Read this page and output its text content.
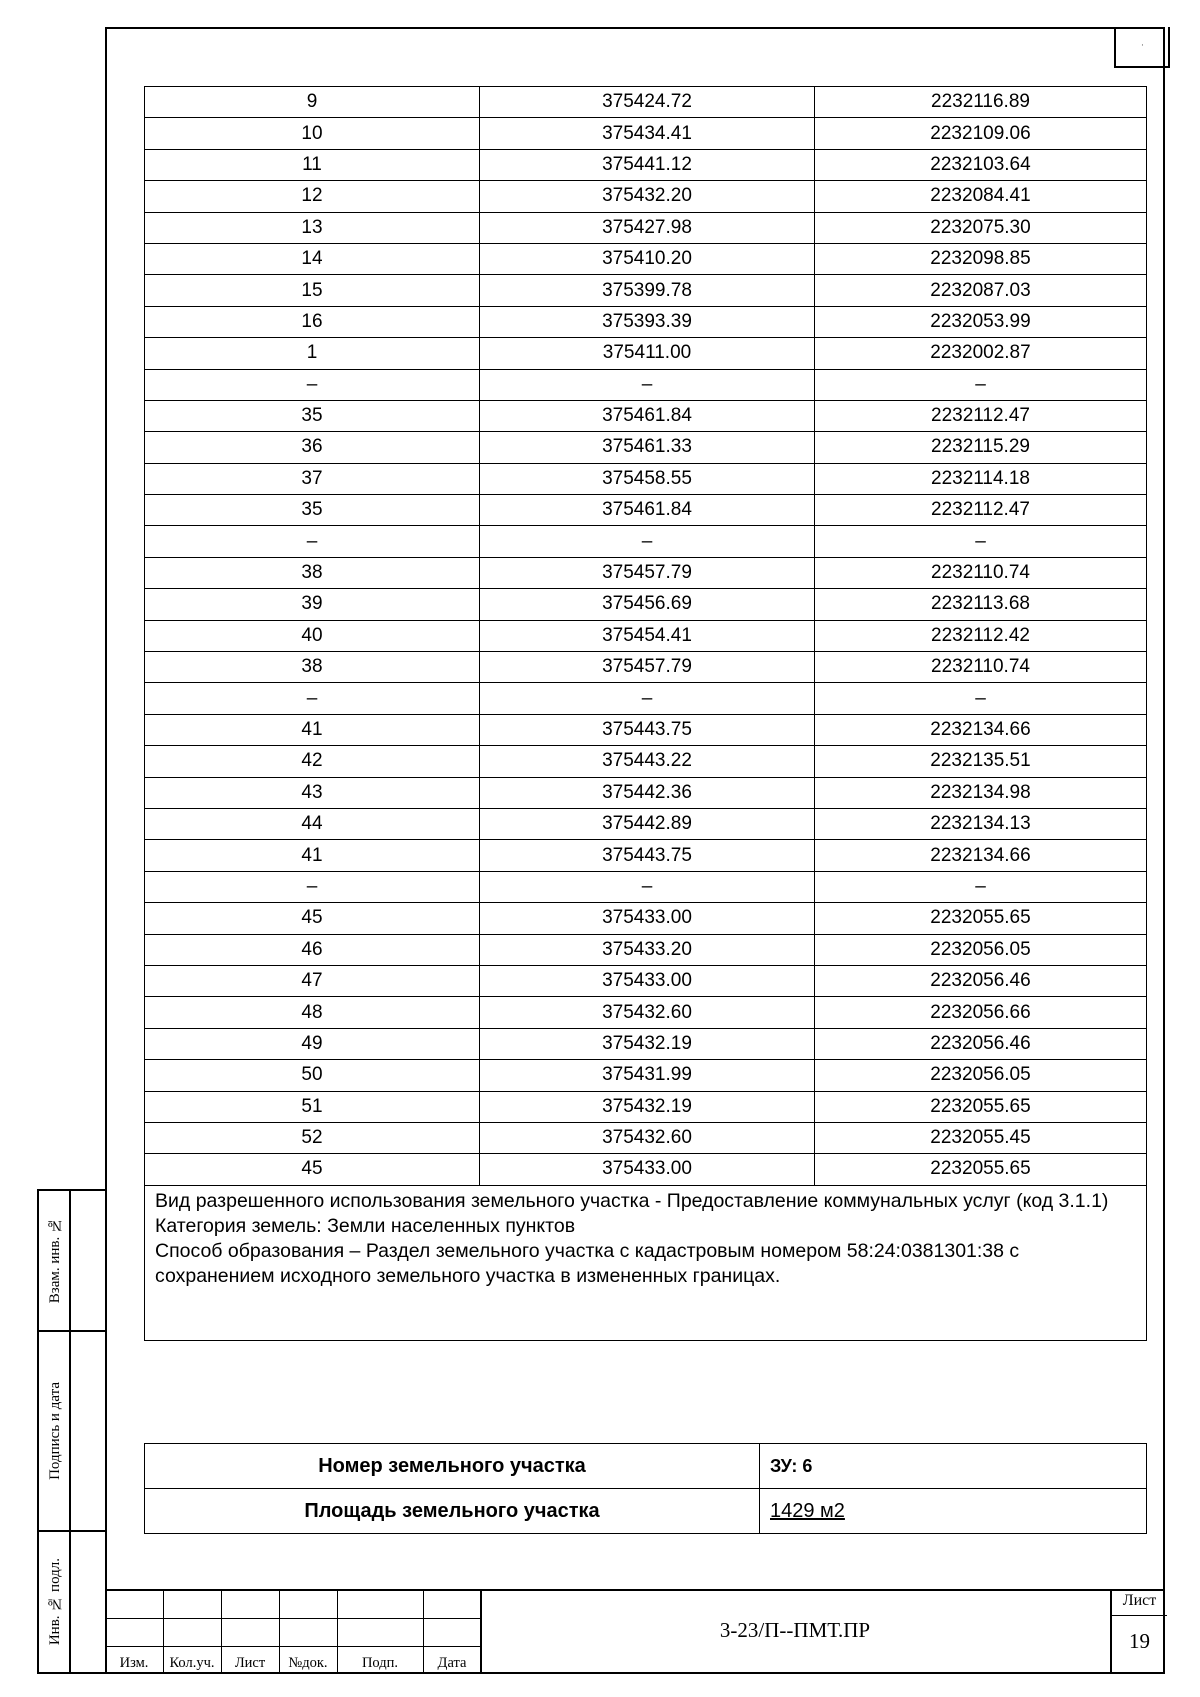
·
9	375424.72	2232116.89
10	375434.41	2232109.06
11	375441.12	2232103.64
12	375432.20	2232084.41
13	375427.98	2232075.30
14	375410.20	2232098.85
15	375399.78	2232087.03
16	375393.39	2232053.99
1	375411.00	2232002.87
–	–	–
35	375461.84	2232112.47
36	375461.33	2232115.29
37	375458.55	2232114.18
35	375461.84	2232112.47
–	–	–
38	375457.79	2232110.74
39	375456.69	2232113.68
40	375454.41	2232112.42
38	375457.79	2232110.74
–	–	–
41	375443.75	2232134.66
42	375443.22	2232135.51
43	375442.36	2232134.98
44	375442.89	2232134.13
41	375443.75	2232134.66
–	–	–
45	375433.00	2232055.65
46	375433.20	2232056.05
47	375433.00	2232056.46
48	375432.60	2232056.66
49	375432.19	2232056.46
50	375431.99	2232056.05
51	375432.19	2232055.65
52	375432.60	2232055.45
45	375433.00	2232055.65

Вид разрешенного использования земельного участка - Предоставление коммунальных услуг (код 3.1.1)

Категория земель: Земли населенных пунктов

Способ образования – Раздел земельного участка с кадастровым номером 58:24:0381301:38 с сохранением исходного земельного участка в измененных границах.

Номер земельного участка	ЗУ: 6
Площадь земельного участка	1429 м2
Взам. инв. №
Подпись и дата
Инв. № подл.
Изм.	Кол.уч.	Лист	№док.	Подп.	Дата
3-23/П--ПМТ.ПР
Лист
19
